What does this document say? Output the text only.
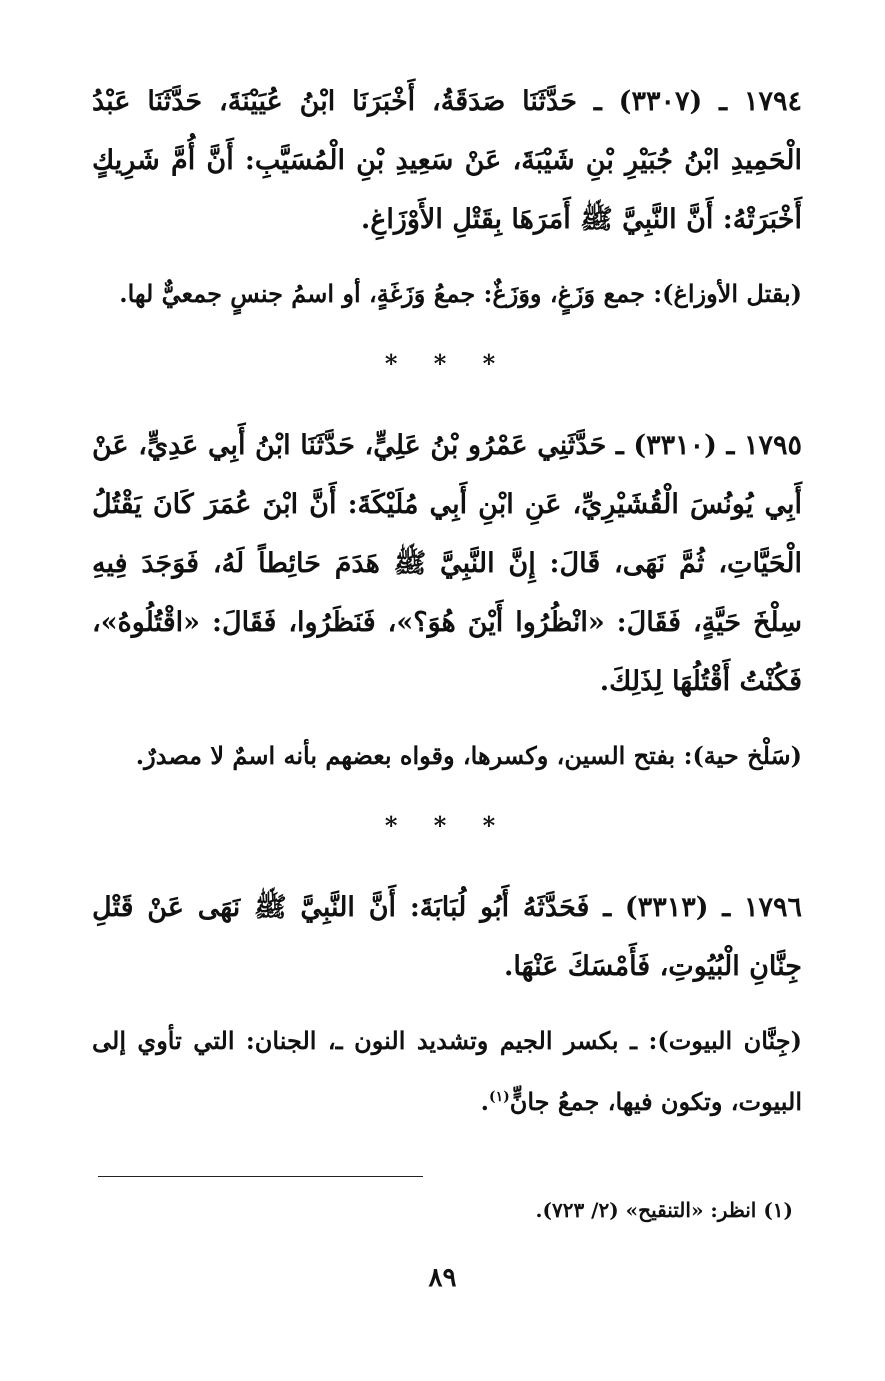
١٧٩٤ ـ (٣٣٠٧) ـ حَدَّثَنَا صَدَقَةُ، أَخْبَرَنَا ابْنُ عُيَيْنَةَ، حَدَّثَنَا عَبْدُ الْحَمِيدِ ابْنُ جُبَيْرِ بْنِ شَيْبَةَ، عَنْ سَعِيدِ بْنِ الْمُسَيَّبِ: أَنَّ أُمَّ شَرِيكٍ أَخْبَرَتْهُ: أَنَّ النَّبِيَّ ﷺ أَمَرَهَا بِقَتْلِ الأَوْزَاغِ.

(بقتل الأوزاغ): جمع وَزَغٍ، ووَزَغٌ: جمعُ وَزَغَةٍ، أو اسمُ جنسٍ جمعيٌّ لها.

* * *

١٧٩٥ ـ (٣٣١٠) ـ حَدَّثَنِي عَمْرُو بْنُ عَلِيٍّ، حَدَّثَنَا ابْنُ أَبِي عَدِيٍّ، عَنْ أَبِي يُونُسَ الْقُشَيْرِيِّ، عَنِ ابْنِ أَبِي مُلَيْكَةَ: أَنَّ ابْنَ عُمَرَ كَانَ يَقْتُلُ الْحَيَّاتِ، ثُمَّ نَهَى، قَالَ: إِنَّ النَّبِيَّ ﷺ هَدَمَ حَائِطاً لَهُ، فَوَجَدَ فِيهِ سِلْخَ حَيَّةٍ، فَقَالَ: «انْظُرُوا أَيْنَ هُوَ؟»، فَنَظَرُوا، فَقَالَ: «اقْتُلُوهُ»، فَكُنْتُ أَقْتُلُهَا لِذَلِكَ.

(سَلْخ حية): بفتح السين، وكسرها، وقواه بعضهم بأنه اسمٌ لا مصدرٌ.

* * *

١٧٩٦ ـ (٣٣١٣) ـ فَحَدَّثَهُ أَبُو لُبَابَةَ: أَنَّ النَّبِيَّ ﷺ نَهَى عَنْ قَتْلِ جِنَّانِ الْبُيُوتِ، فَأَمْسَكَ عَنْهَا.

(جِنَّان البيوت): ـ بكسر الجيم وتشديد النون ـ، الجنان: التي تأوي إلى البيوت، وتكون فيها، جمعُ جانٍّ$^{(١)}$.

(١) انظر: «التنقيح» (٢/ ٧٢٣).
٨٩
